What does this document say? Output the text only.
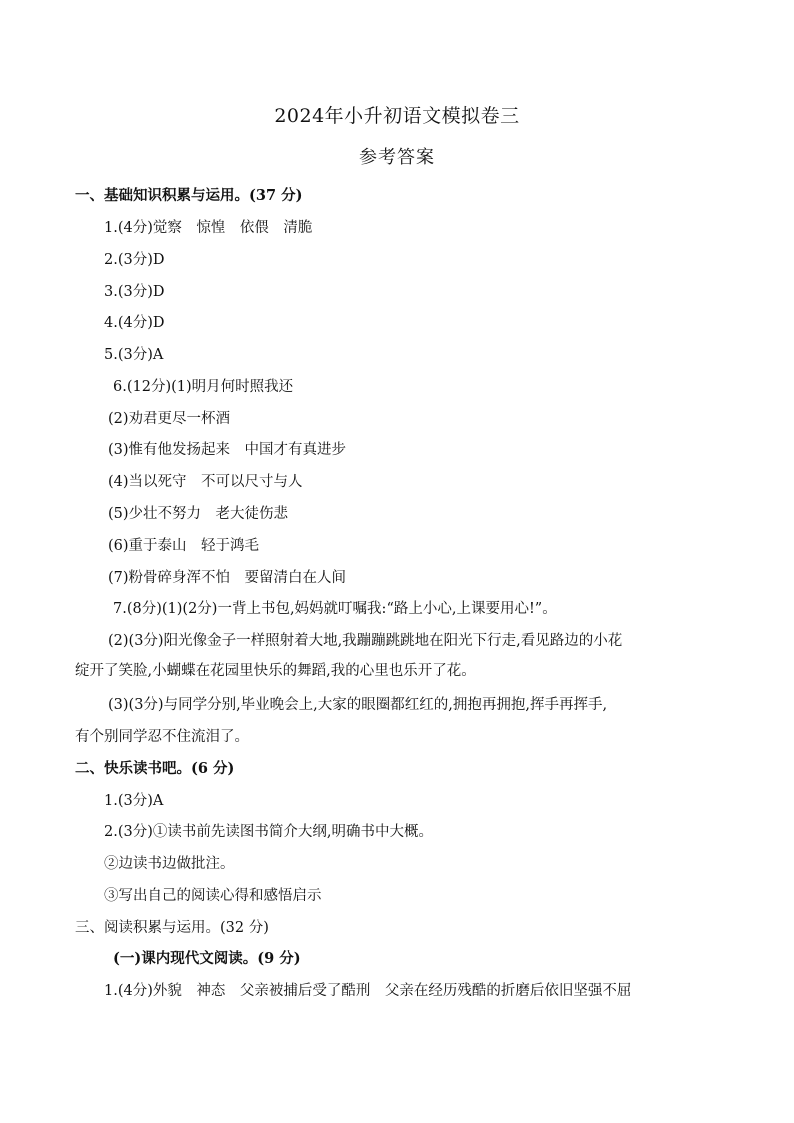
2024年小升初语文模拟卷三
参考答案
一、基础知识积累与运用。(37 分)
1.(4分)觉察　惊惶　依偎　清脆
2.(3分)D
3.(3分)D
4.(4分)D
5.(3分)A
6.(12分)(1)明月何时照我还
(2)劝君更尽一杯酒
(3)惟有他发扬起来　中国才有真进步
(4)当以死守　不可以尺寸与人
(5)少壮不努力　老大徒伤悲
(6)重于泰山　轻于鸿毛
(7)粉骨碎身浑不怕　要留清白在人间
7.(8分)(1)(2分)一背上书包,妈妈就叮嘱我:“路上小心,上课要用心!”。
(2)(3分)阳光像金子一样照射着大地,我蹦蹦跳跳地在阳光下行走,看见路边的小花
绽开了笑脸,小蝴蝶在花园里快乐的舞蹈,我的心里也乐开了花。
(3)(3分)与同学分别,毕业晚会上,大家的眼圈都红红的,拥抱再拥抱,挥手再挥手,
有个别同学忍不住流泪了。
二、快乐读书吧。(6 分)
1.(3分)A
2.(3分)①读书前先读图书简介大纲,明确书中大概。
②边读书边做批注。
③写出自己的阅读心得和感悟启示
三、阅读积累与运用。(32 分)
(一)课内现代文阅读。(9 分)
1.(4分)外貌　神态　父亲被捕后受了酷刑　父亲在经历残酷的折磨后依旧坚强不屈
